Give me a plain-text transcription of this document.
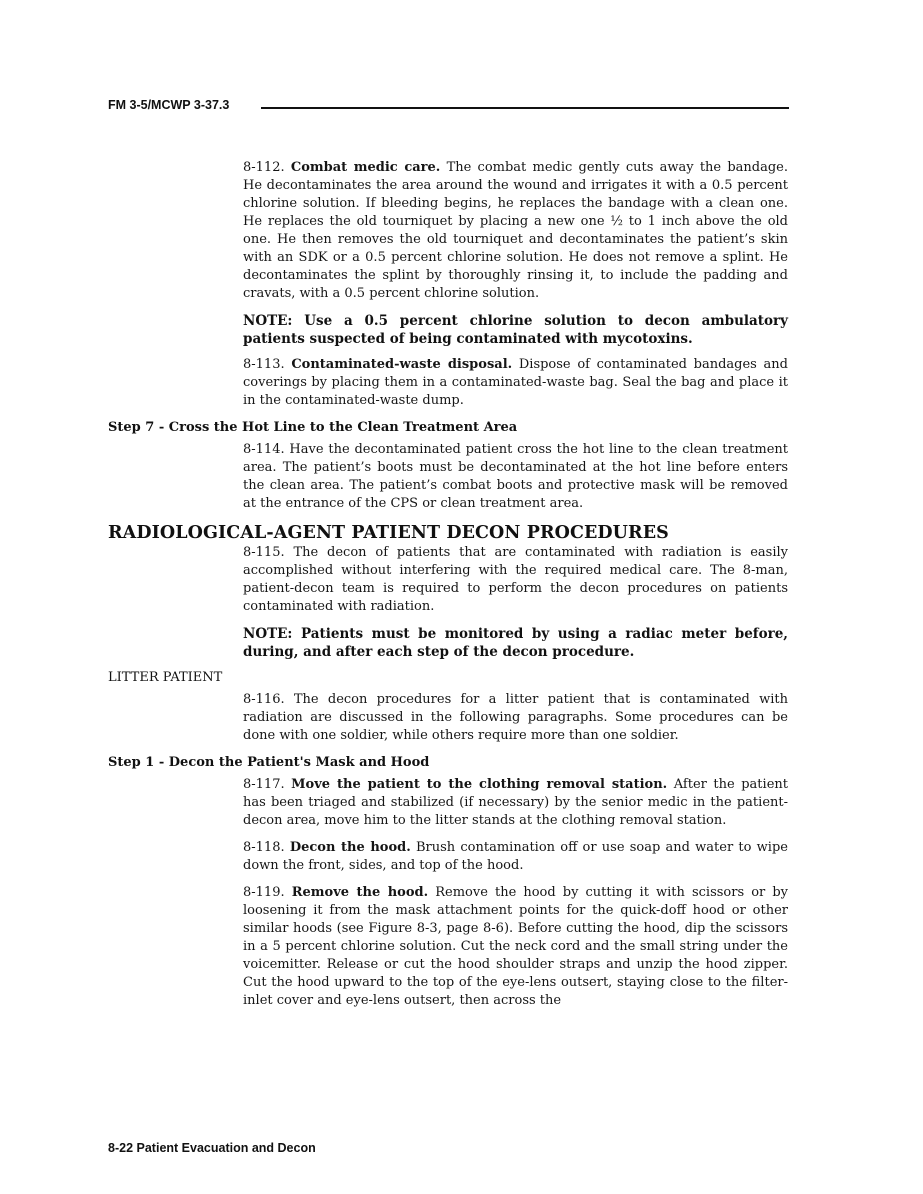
FM 3-5/MCWP 3-37.3

8-112. Combat medic care. The combat medic gently cuts away the bandage. He decontaminates the area around the wound and irrigates it with a 0.5 percent chlorine solution. If bleeding begins, he replaces the bandage with a clean one. He replaces the old tourniquet by placing a new one ½ to 1 inch above the old one. He then removes the old tourniquet and decontaminates the patient’s skin with an SDK or a 0.5 percent chlorine solution. He does not remove a splint. He decontaminates the splint by thoroughly rinsing it, to include the padding and cravats, with a 0.5 percent chlorine solution.

NOTE: Use a 0.5 percent chlorine solution to decon ambulatory patients suspected of being contaminated with mycotoxins.

8-113. Contaminated-waste disposal. Dispose of contaminated bandages and coverings by placing them in a contaminated-waste bag. Seal the bag and place it in the contaminated-waste dump.

Step 7 - Cross the Hot Line to the Clean Treatment Area

8-114. Have the decontaminated patient cross the hot line to the clean treatment area. The patient’s boots must be decontaminated at the hot line before enters the clean area. The patient’s combat boots and protective mask will be removed at the entrance of the CPS or clean treatment area.

RADIOLOGICAL-AGENT PATIENT DECON PROCEDURES

8-115. The decon of patients that are contaminated with radiation is easily accomplished without interfering with the required medical care. The 8-man, patient-decon team is required to perform the decon procedures on patients contaminated with radiation.

NOTE: Patients must be monitored by using a radiac meter before, during, and after each step of the decon procedure.

LITTER PATIENT

8-116. The decon procedures for a litter patient that is contaminated with radiation are discussed in the following paragraphs. Some procedures can be done with one soldier, while others require more than one soldier.

Step 1 - Decon the Patient's Mask and Hood

8-117. Move the patient to the clothing removal station. After the patient has been triaged and stabilized (if necessary) by the senior medic in the patient-decon area, move him to the litter stands at the clothing removal station.

8-118. Decon the hood. Brush contamination off or use soap and water to wipe down the front, sides, and top of the hood.

8-119. Remove the hood. Remove the hood by cutting it with scissors or by loosening it from the mask attachment points for the quick-doff hood or other similar hoods (see Figure 8-3, page 8-6). Before cutting the hood, dip the scissors in a 5 percent chlorine solution. Cut the neck cord and the small string under the voicemitter. Release or cut the hood shoulder straps and unzip the hood zipper. Cut the hood upward to the top of the eye-lens outsert, staying close to the filter-inlet cover and eye-lens outsert, then across the

8-22 Patient Evacuation and Decon
